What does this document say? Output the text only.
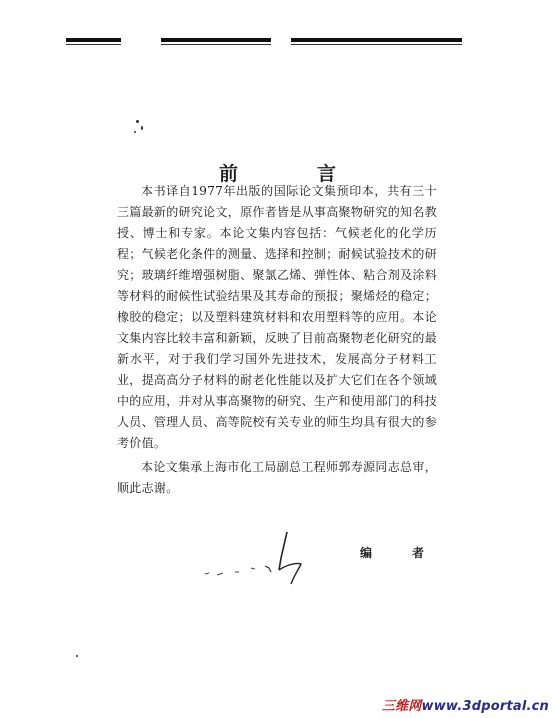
前　言

本书译自1977年出版的国际论文集预印本，共有三十三篇最新的研究论文，原作者皆是从事高聚物研究的知名教授、博士和专家。本论文集内容包括：气候老化的化学历程；气候老化条件的测量、选择和控制；耐候试验技术的研究；玻璃纤维增强树脂、聚氯乙烯、弹性体、粘合剂及涂料等材料的耐候性试验结果及其寿命的预报；聚烯烃的稳定；橡胶的稳定；以及塑料建筑材料和农用塑料等的应用。本论文集内容比较丰富和新颖，反映了目前高聚物老化研究的最新水平，对于我们学习国外先进技术，发展高分子材料工业，提高高分子材料的耐老化性能以及扩大它们在各个领域中的应用，并对从事高聚物的研究、生产和使用部门的科技人员、管理人员、高等院校有关专业的师生均具有很大的参考价值。

本论文集承上海市化工局副总工程师郭寿源同志总审，顺此志谢。

编　者
三维网www.3dportal.cn
